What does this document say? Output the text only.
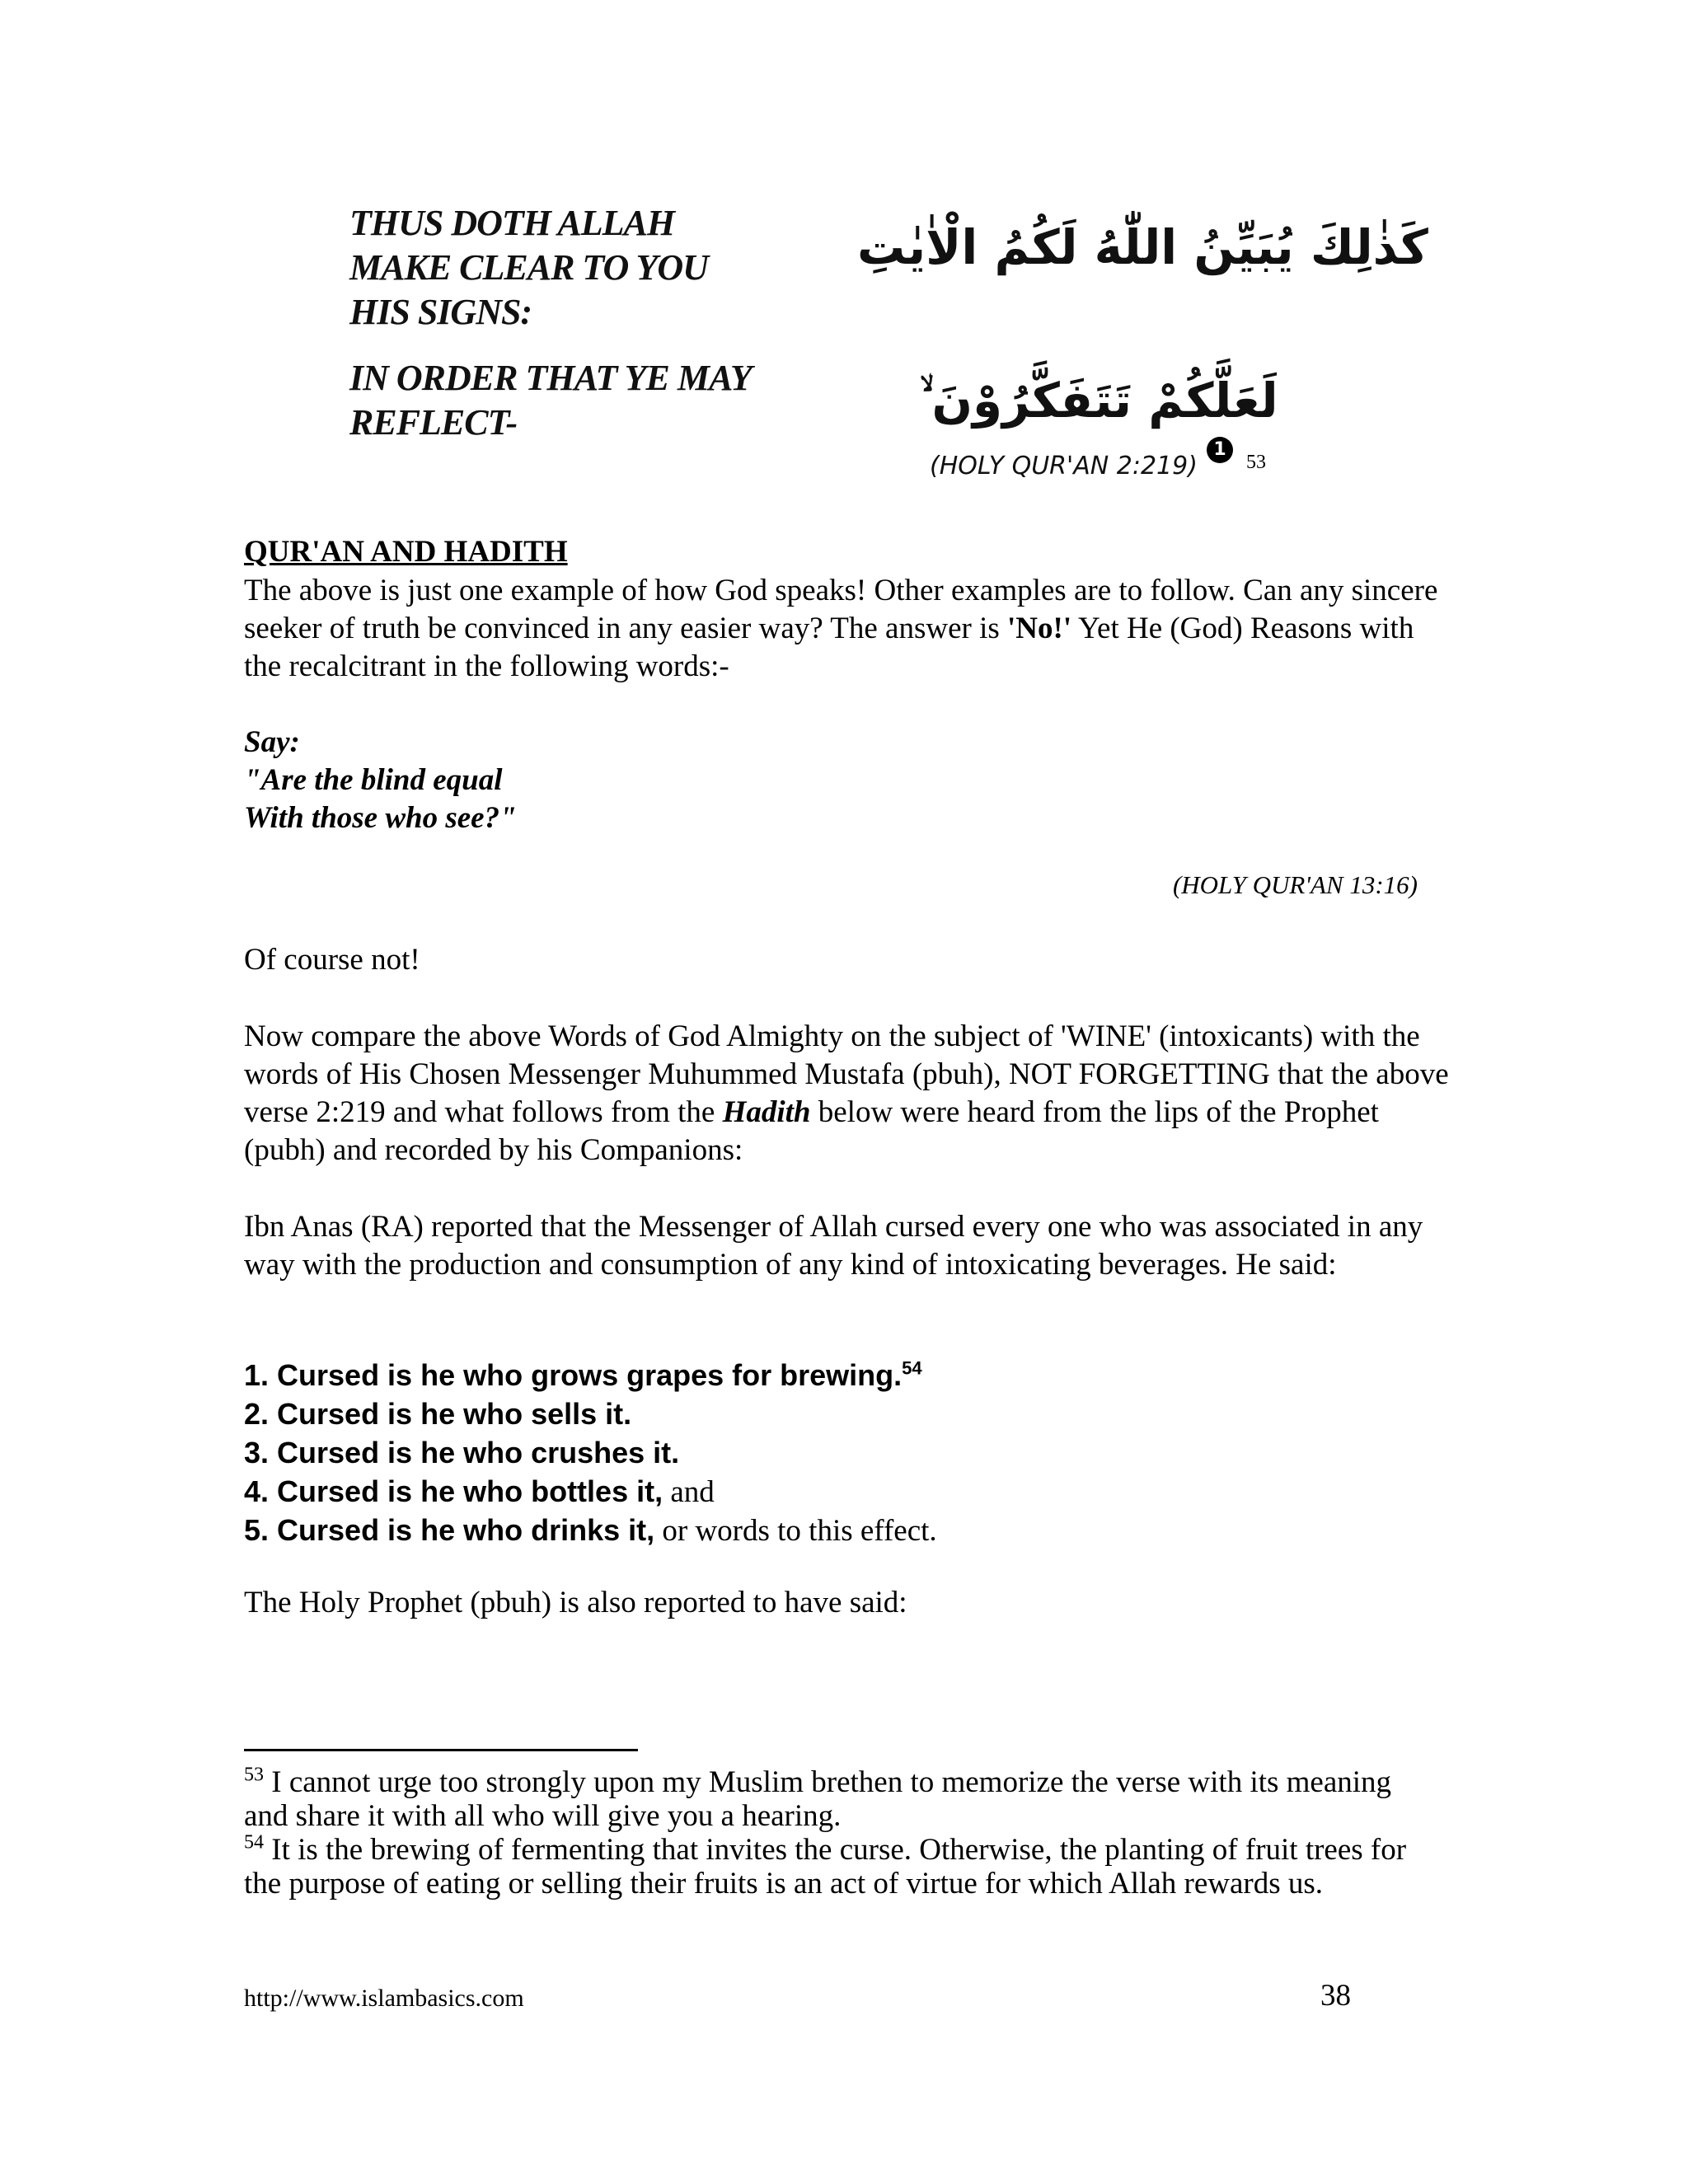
THUS DOTH ALLAH
MAKE CLEAR TO YOU
HIS SIGNS:
IN ORDER THAT YE MAY
REFLECT-
كَذٰلِكَ يُبَيِّنُ اللّٰهُ لَكُمُ الْاٰيٰتِ
لَعَلَّكُمْ تَتَفَكَّرُوْنَ ۙ
(HOLY QUR'AN 2:219)
1
53
QUR'AN AND HADITH
The above is just one example of how God speaks! Other examples are to follow. Can any sincere seeker of truth be convinced in any easier way? The answer is 'No!' Yet He (God) Reasons with the recalcitrant in the following words:-
Say:
"Are the blind equal
With those who see?"
(HOLY QUR'AN 13:16)
Of course not!
Now compare the above Words of God Almighty on the subject of 'WINE' (intoxicants) with the words of His Chosen Messenger Muhummed Mustafa (pbuh), NOT FORGETTING that the above verse 2:219 and what follows from the Hadith below were heard from the lips of the Prophet (pubh) and recorded by his Companions:
Ibn Anas (RA) reported that the Messenger of Allah cursed every one who was associated in any way with the production and consumption of any kind of intoxicating beverages. He said:
1. Cursed is he who grows grapes for brewing.$^{54}$
2. Cursed is he who sells it.
3. Cursed is he who crushes it.
4. Cursed is he who bottles it, and
5. Cursed is he who drinks it, or words to this effect.
The Holy Prophet (pbuh) is also reported to have said:
$^{53}$ I cannot urge too strongly upon my Muslim brethen to memorize the verse with its meaning and share it with all who will give you a hearing.
$^{54}$ It is the brewing of fermenting that invites the curse. Otherwise, the planting of fruit trees for the purpose of eating or selling their fruits is an act of virtue for which Allah rewards us.
http://www.islambasics.com	38
